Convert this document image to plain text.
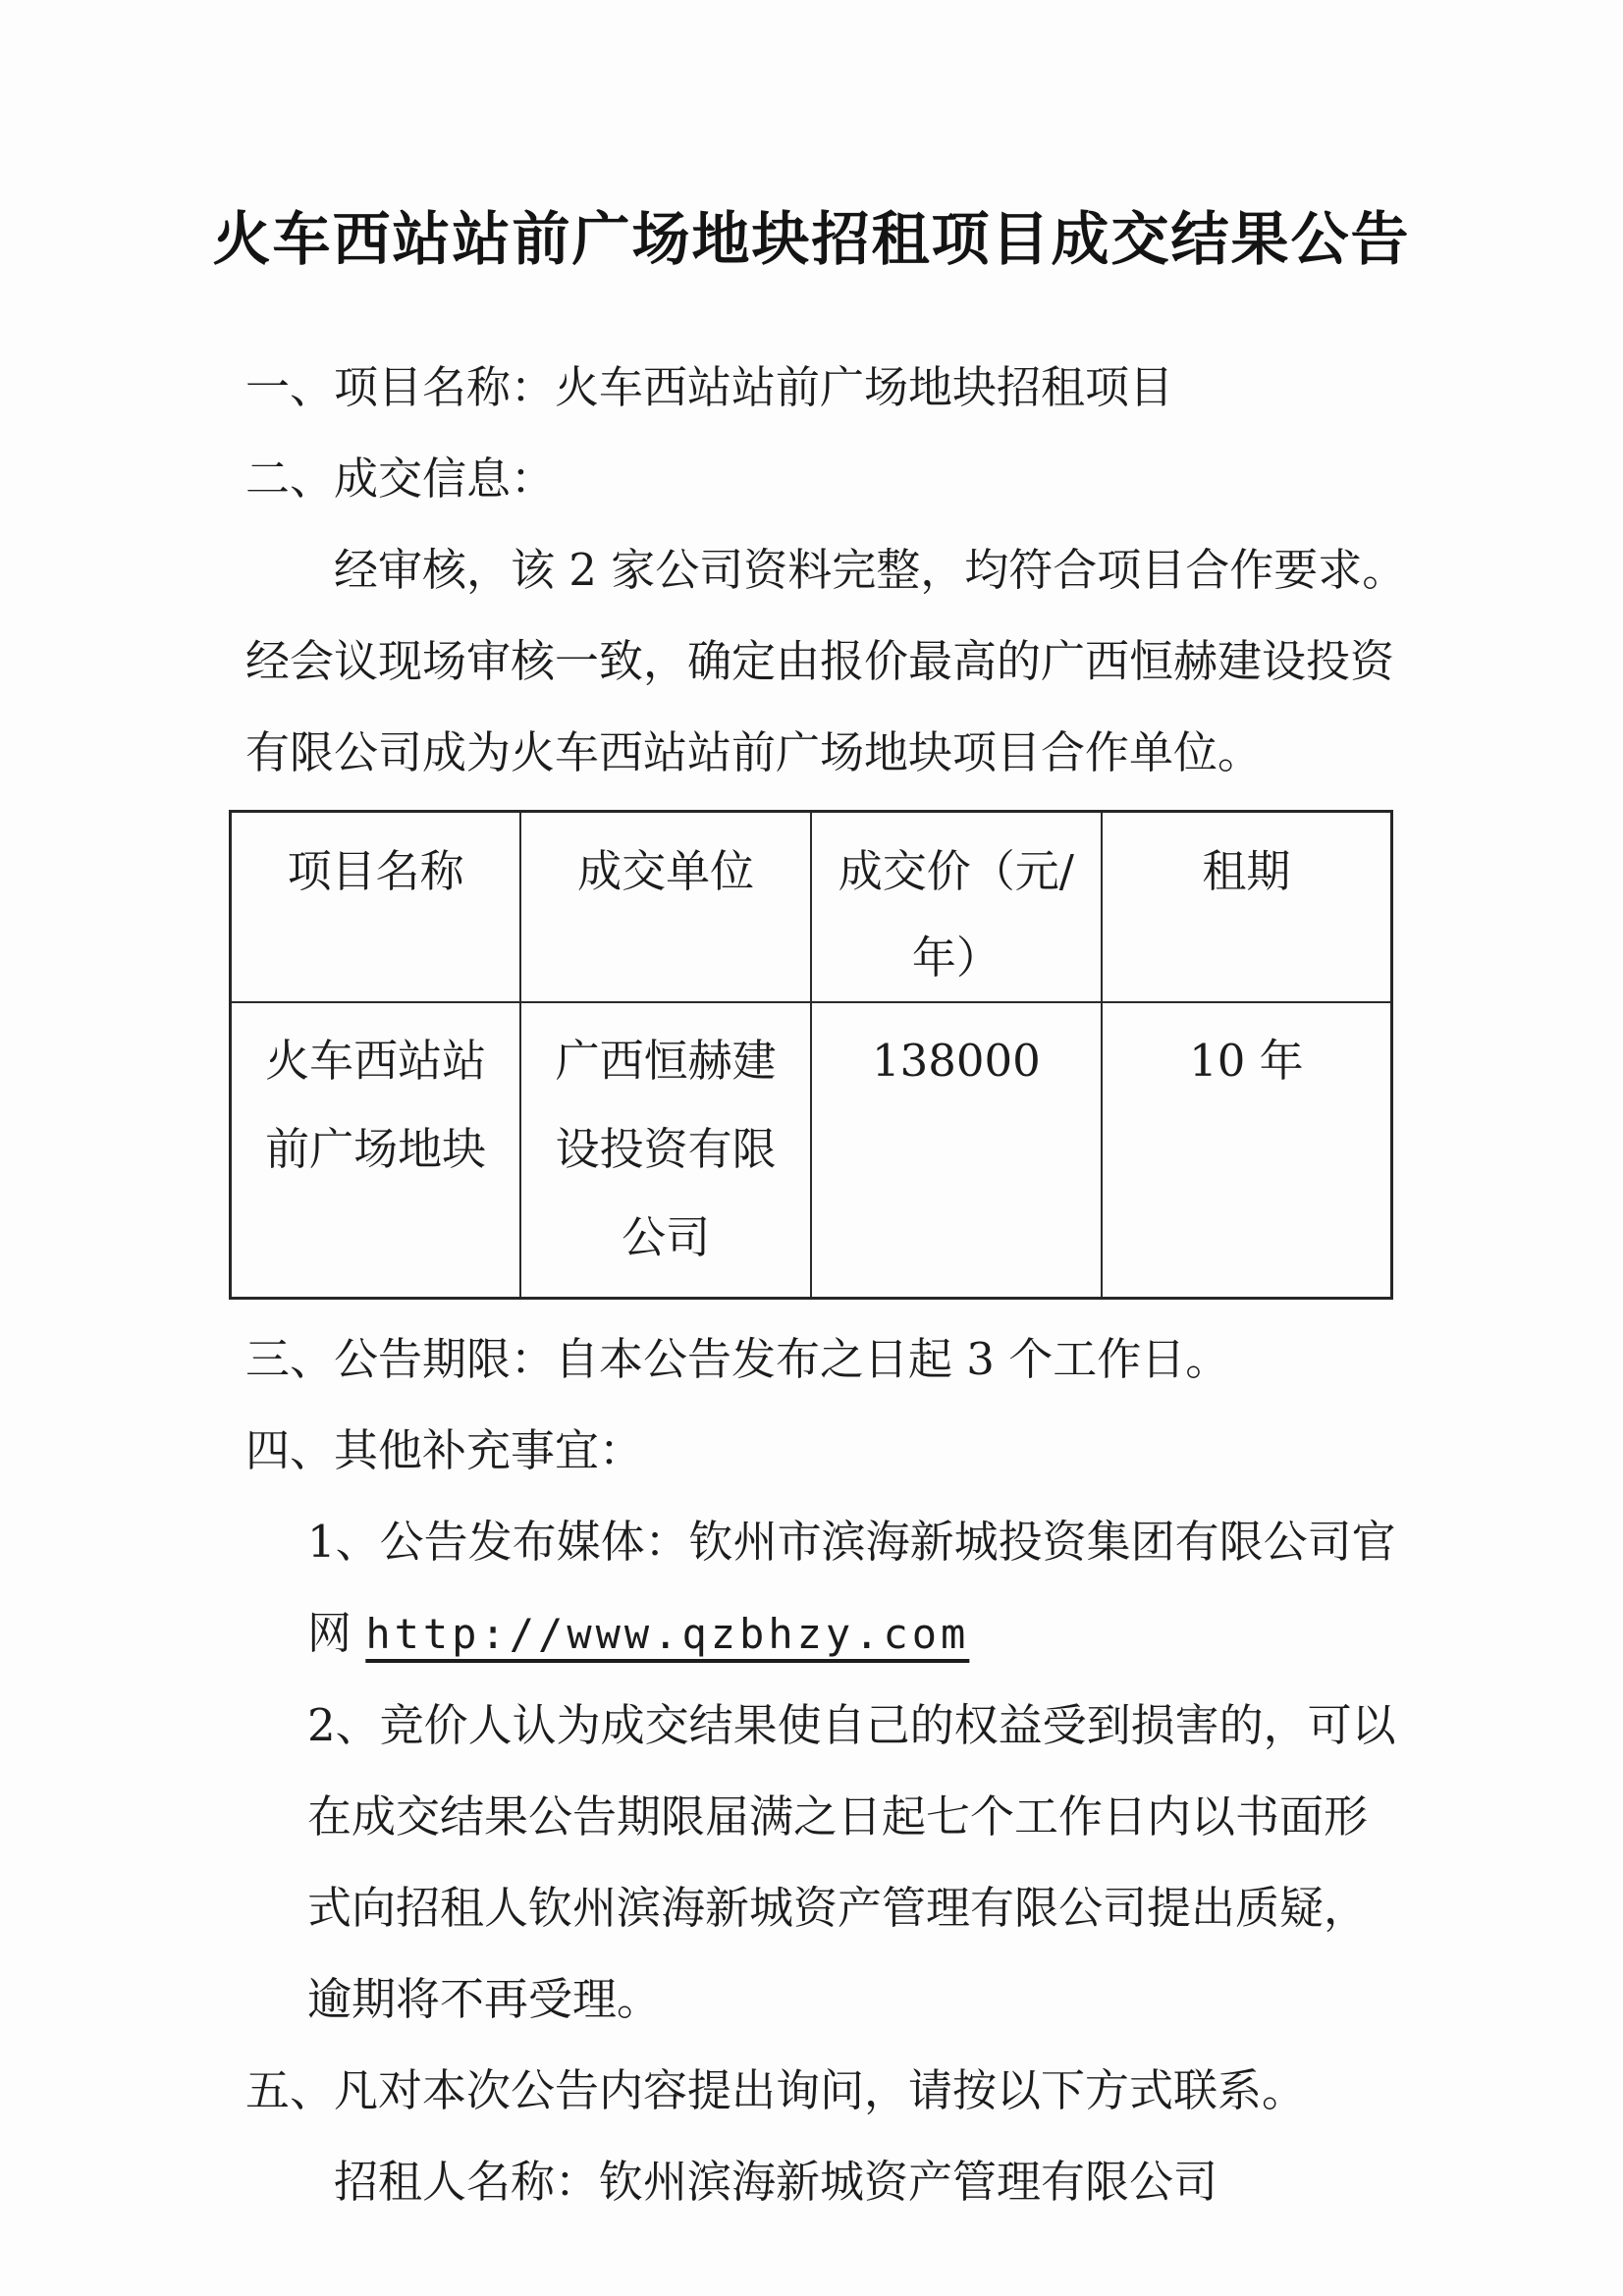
火车西站站前广场地块招租项目成交结果公告
一、项目名称：火车西站站前广场地块招租项目
二、成交信息：
经审核，该 2 家公司资料完整，均符合项目合作要求。
经会议现场审核一致，确定由报价最高的广西恒赫建设投资
有限公司成为火车西站站前广场地块项目合作单位。
项目名称	成交单位	成交价（元/年）	租期
火车西站站前广场地块	广西恒赫建设投资有限公司	138000	10 年
三、公告期限：自本公告发布之日起 3 个工作日。
四、其他补充事宜：
1、公告发布媒体：钦州市滨海新城投资集团有限公司官
网 http://www.qzbhzy.com
2、竞价人认为成交结果使自己的权益受到损害的，可以
在成交结果公告期限届满之日起七个工作日内以书面形
式向招租人钦州滨海新城资产管理有限公司提出质疑，
逾期将不再受理。
五、凡对本次公告内容提出询问，请按以下方式联系。
招租人名称：钦州滨海新城资产管理有限公司
